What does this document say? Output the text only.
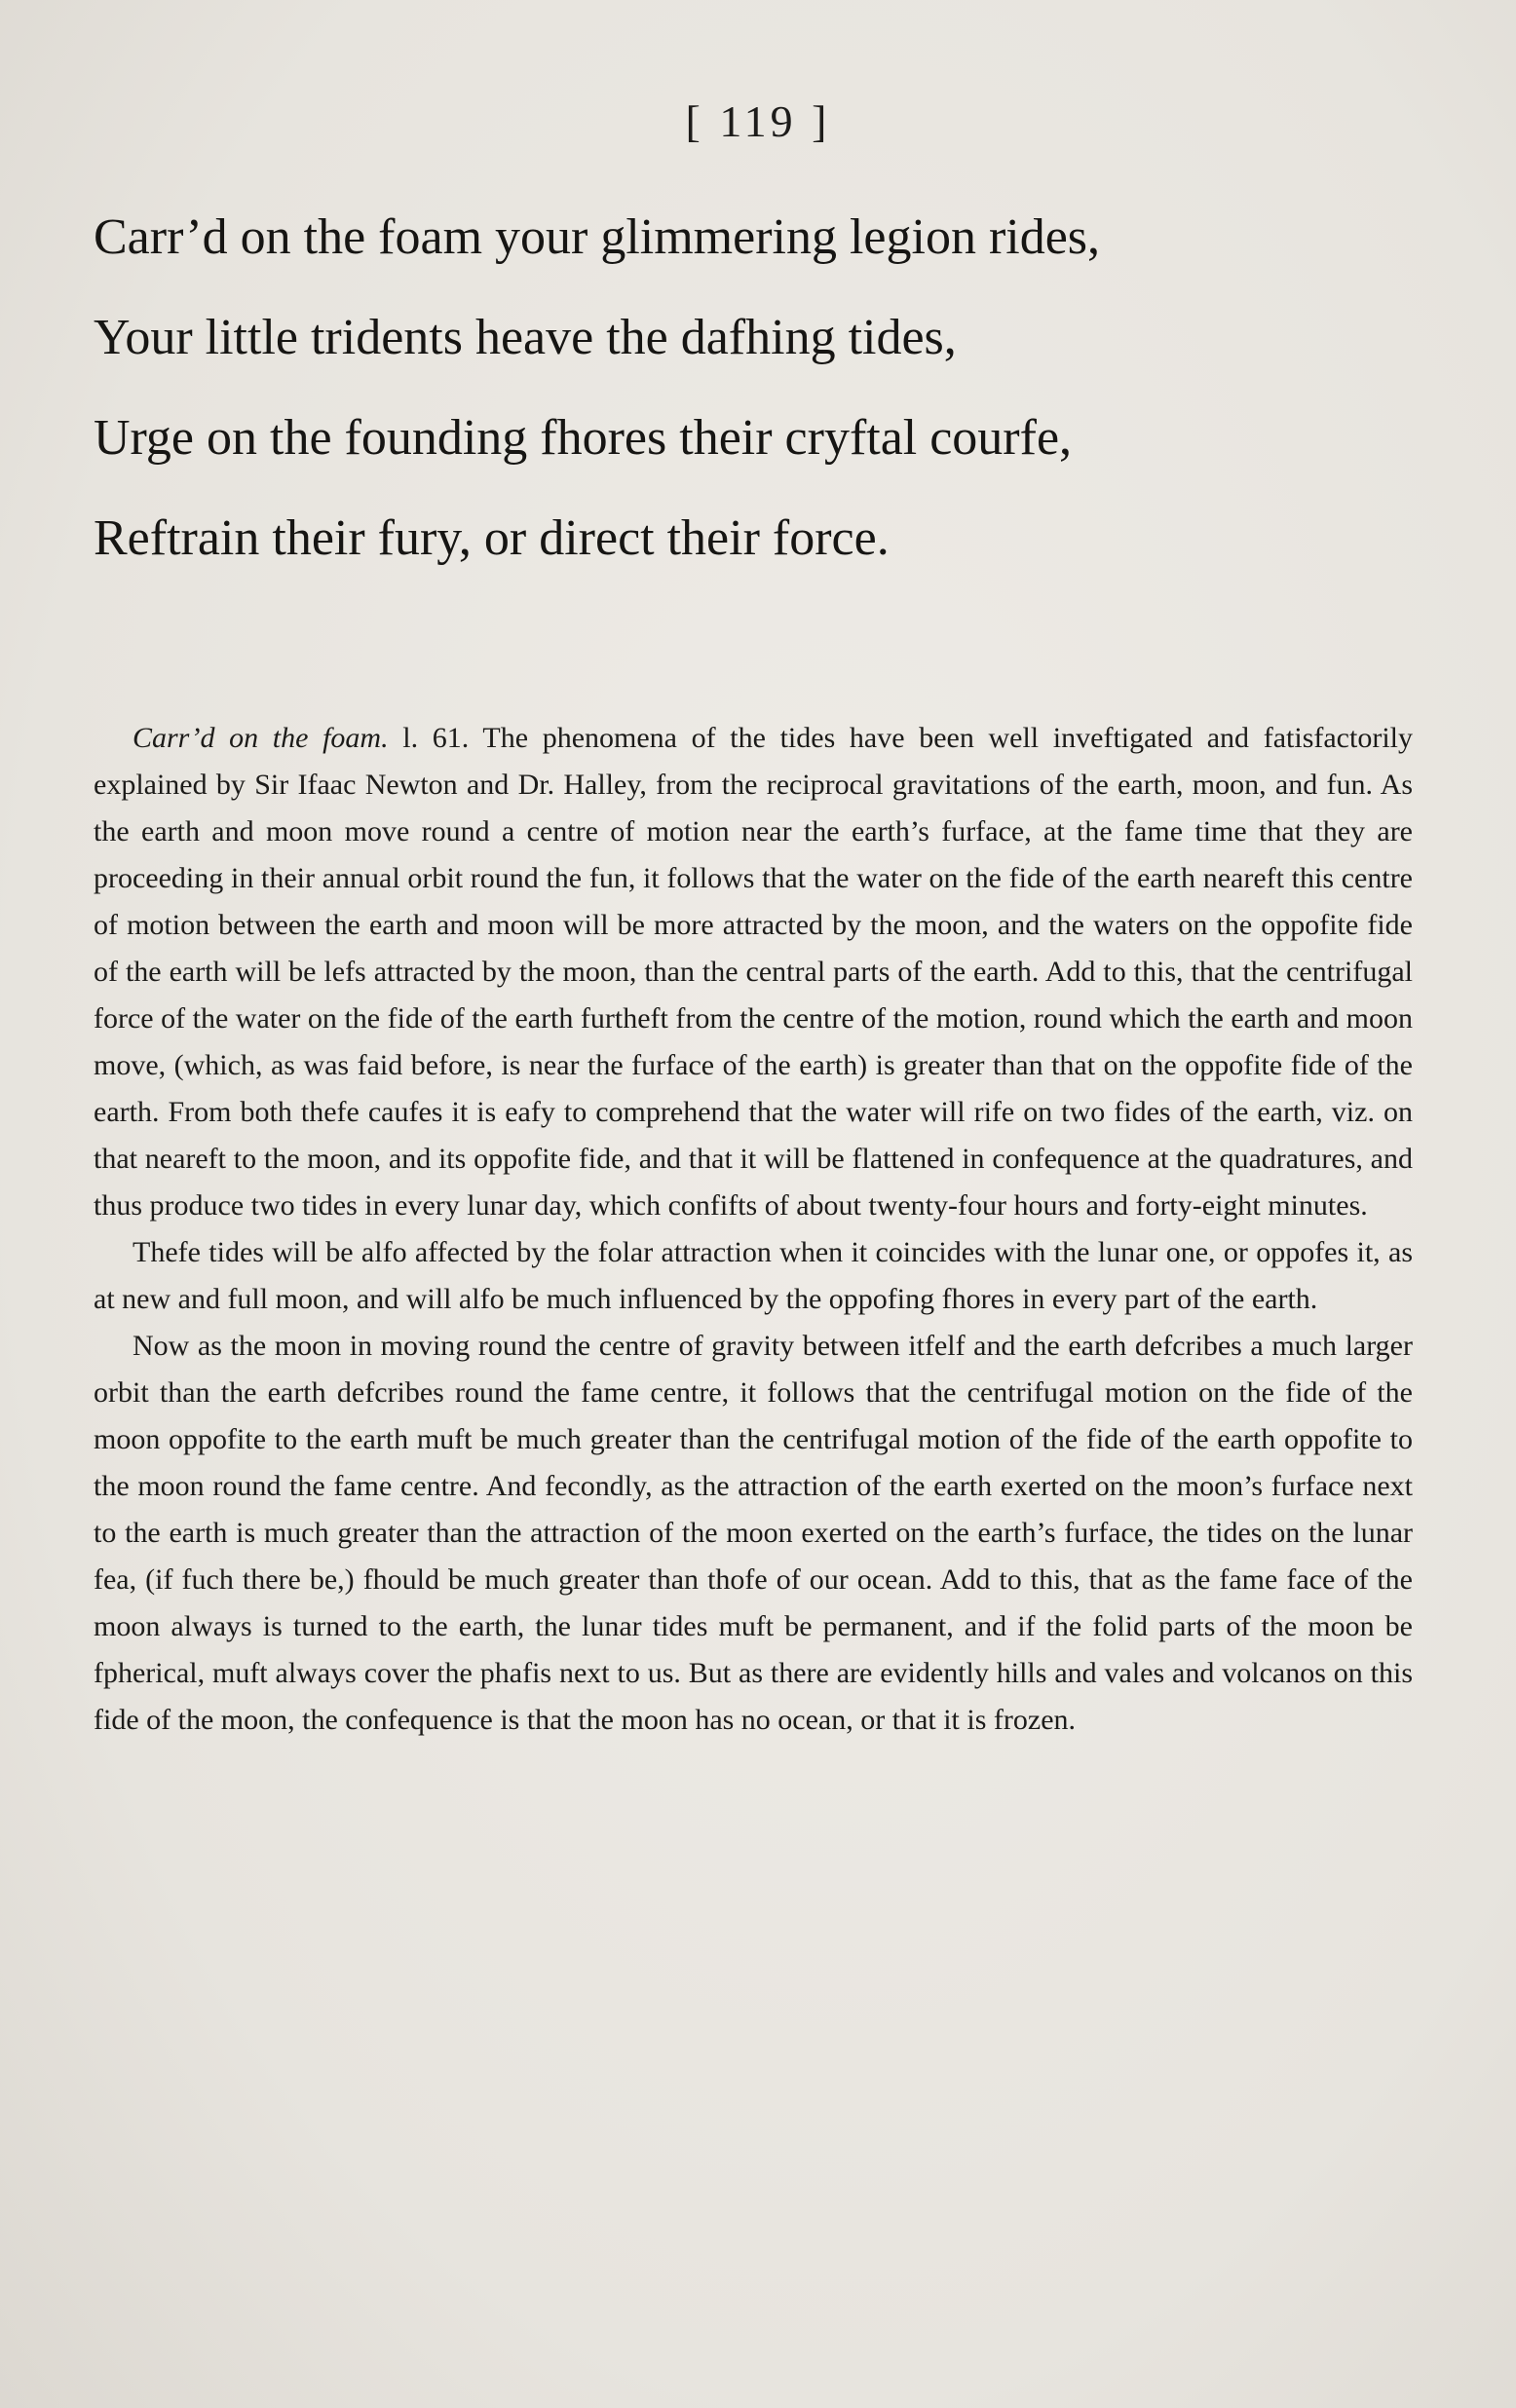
[ 119 ]
Carr’d on the foam your glimmering legion rides,
Your little tridents heave the dafhing tides,
Urge on the founding fhores their cryftal courfe,
Reftrain their fury, or direct their force.

Carr’d on the foam. l. 61. The phenomena of the tides have been well inveftigated and fatisfactorily explained by Sir Ifaac Newton and Dr. Halley, from the reciprocal gravitations of the earth, moon, and fun. As the earth and moon move round a centre of motion near the earth’s furface, at the fame time that they are proceeding in their annual orbit round the fun, it follows that the water on the fide of the earth neareft this centre of motion between the earth and moon will be more attracted by the moon, and the waters on the oppofite fide of the earth will be lefs attracted by the moon, than the central parts of the earth. Add to this, that the centrifugal force of the water on the fide of the earth furtheft from the centre of the motion, round which the earth and moon move, (which, as was faid before, is near the furface of the earth) is greater than that on the oppofite fide of the earth. From both thefe caufes it is eafy to comprehend that the water will rife on two fides of the earth, viz. on that neareft to the moon, and its oppofite fide, and that it will be flattened in confequence at the quadratures, and thus produce two tides in every lunar day, which confifts of about twenty-four hours and forty-eight minutes.

Thefe tides will be alfo affected by the folar attraction when it coincides with the lunar one, or oppofes it, as at new and full moon, and will alfo be much influenced by the oppofing fhores in every part of the earth.

Now as the moon in moving round the centre of gravity between itfelf and the earth defcribes a much larger orbit than the earth defcribes round the fame centre, it follows that the centrifugal motion on the fide of the moon oppofite to the earth muft be much greater than the centrifugal motion of the fide of the earth oppofite to the moon round the fame centre. And fecondly, as the attraction of the earth exerted on the moon’s furface next to the earth is much greater than the attraction of the moon exerted on the earth’s furface, the tides on the lunar fea, (if fuch there be,) fhould be much greater than thofe of our ocean. Add to this, that as the fame face of the moon always is turned to the earth, the lunar tides muft be permanent, and if the folid parts of the moon be fpherical, muft always cover the phafis next to us. But as there are evidently hills and vales and volcanos on this fide of the moon, the confequence is that the moon has no ocean, or that it is frozen.
